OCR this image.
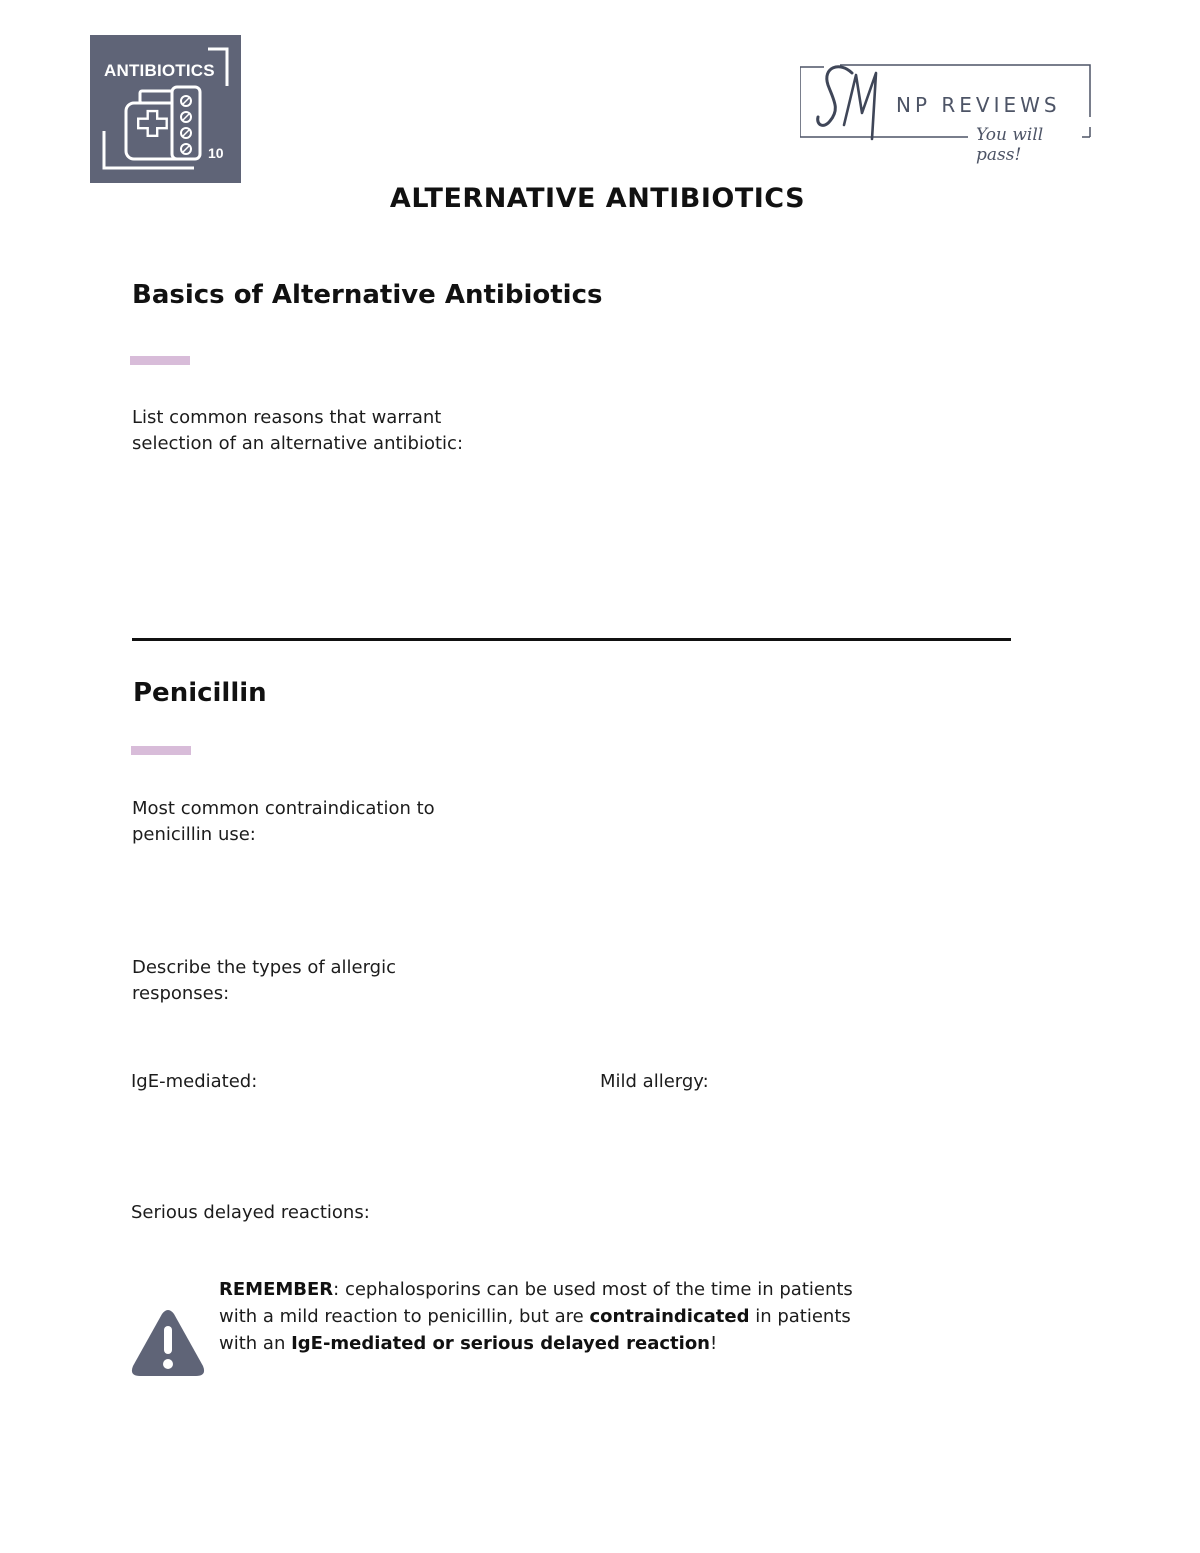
ANTIBIOTICS
10
NP REVIEWS
You will pass!
ALTERNATIVE ANTIBIOTICS
Basics of Alternative Antibiotics
List common reasons that warrant
selection of an alternative antibiotic:
Penicillin
Most common contraindication to
penicillin use:
Describe the types of allergic
responses:
IgE-mediated:	Mild allergy:
Serious delayed reactions:
REMEMBER: cephalosporins can be used most of the time in patients with a mild reaction to penicillin, but are contraindicated in patients with an IgE-mediated or serious delayed reaction!
